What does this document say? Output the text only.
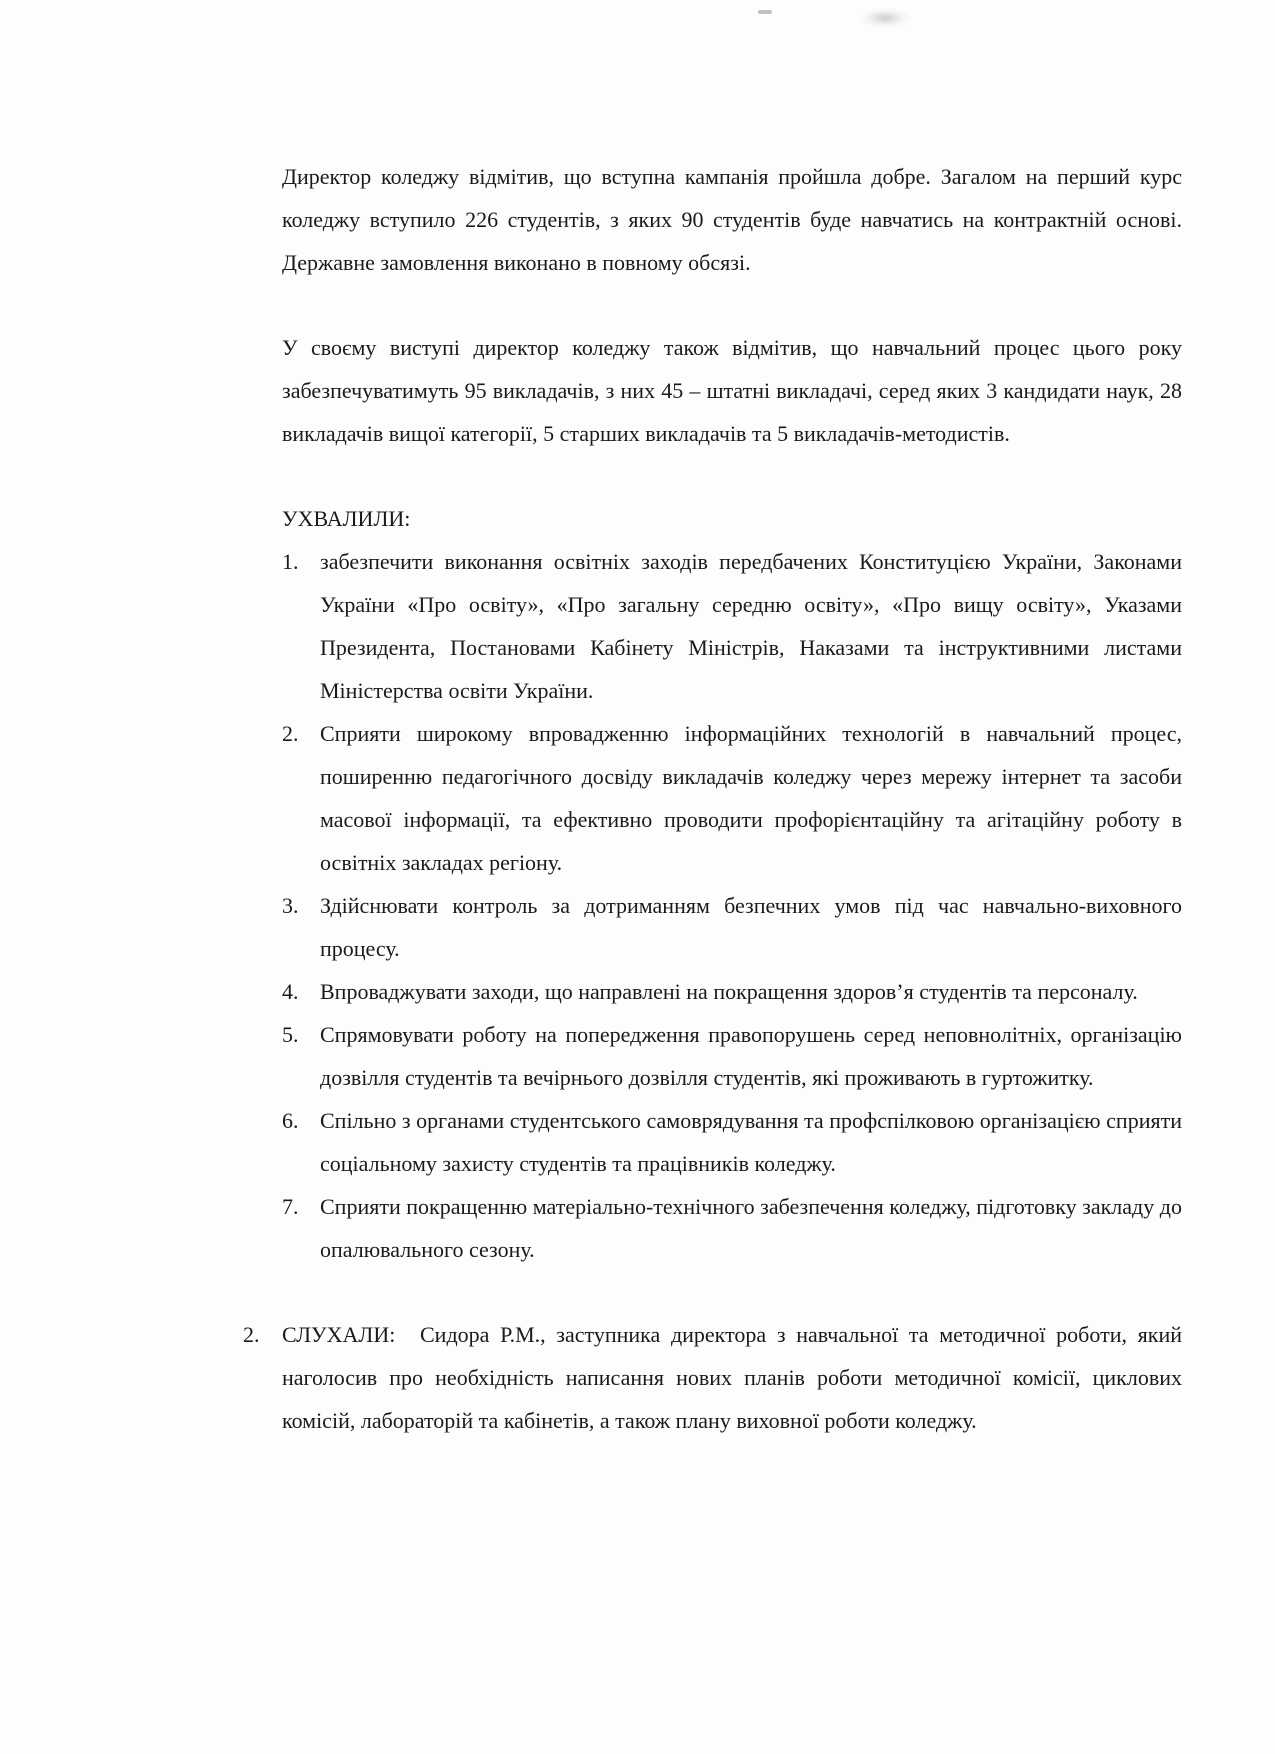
Директор коледжу відмітив, що вступна кампанія пройшла добре. Загалом на перший курс коледжу вступило 226 студентів, з яких 90 студентів буде навчатись на контрактній основі. Державне замовлення виконано в повному обсязі.

У своєму виступі директор коледжу також відмітив, що навчальний процес цього року забезпечуватимуть 95 викладачів, з них 45 – штатні викладачі, серед яких 3 кандидати наук, 28 викладачів вищої категорії, 5 старших викладачів та 5 викладачів-методистів.

УХВАЛИЛИ:

1. забезпечити виконання освітніх заходів передбачених Конституцією України, Законами України «Про освіту», «Про загальну середню освіту», «Про вищу освіту», Указами Президента, Постановами Кабінету Міністрів, Наказами та інструктивними листами Міністерства освіти України.
2. Сприяти широкому впровадженню інформаційних технологій в навчальний процес, поширенню педагогічного досвіду викладачів коледжу через мережу інтернет та засоби масової інформації, та ефективно проводити профорієнтаційну та агітаційну роботу в освітніх закладах регіону.
3. Здійснювати контроль за дотриманням безпечних умов під час навчально-виховного процесу.
4. Впроваджувати заходи, що направлені на покращення здоров’я студентів та персоналу.
5. Спрямовувати роботу на попередження правопорушень серед неповнолітніх, організацію дозвілля студентів та вечірнього дозвілля студентів, які проживають в гуртожитку.
6. Спільно з органами студентського самоврядування та профспілковою організацією сприяти соціальному захисту студентів та працівників коледжу.
7. Сприяти покращенню матеріально-технічного забезпечення коледжу, підготовку закладу до опалювального сезону.

2. СЛУХАЛИ: Сидора Р.М., заступника директора з навчальної та методичної роботи, який наголосив про необхідність написання нових планів роботи методичної комісії, циклових комісій, лабораторій та кабінетів, а також плану виховної роботи коледжу.
